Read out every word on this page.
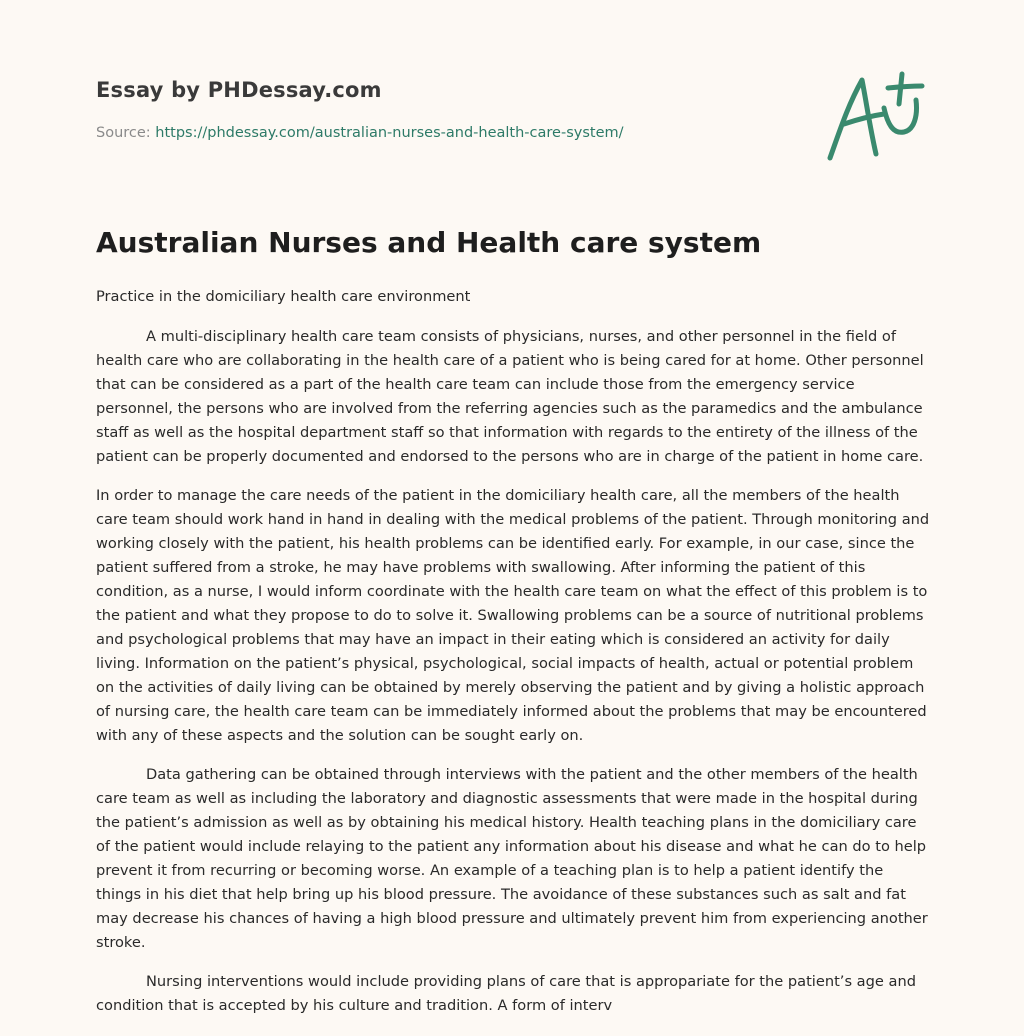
Essay by PHDessay.com
Source: https://phdessay.com/australian-nurses-and-health-care-system/
Australian Nurses and Health care system

Practice in the domiciliary health care environment

A multi-disciplinary health care team consists of physicians, nurses, and other personnel in the field of health care who are collaborating in the health care of a patient who is being cared for at home. Other personnel that can be considered as a part of the health care team can include those from the emergency service personnel, the persons who are involved from the referring agencies such as the paramedics and the ambulance staff as well as the hospital department staff so that information with regards to the entirety of the illness of the patient can be properly documented and endorsed to the persons who are in charge of the patient in home care.

In order to manage the care needs of the patient in the domiciliary health care, all the members of the health care team should work hand in hand in dealing with the medical problems of the patient. Through monitoring and working closely with the patient, his health problems can be identified early. For example, in our case, since the patient suffered from a stroke, he may have problems with swallowing. After informing the patient of this condition, as a nurse, I would inform coordinate with the health care team on what the effect of this problem is to the patient and what they propose to do to solve it. Swallowing problems can be a source of nutritional problems and psychological problems that may have an impact in their eating which is considered an activity for daily living. Information on the patient’s physical, psychological, social impacts of health, actual or potential problem on the activities of daily living can be obtained by merely observing the patient and by giving a holistic approach of nursing care, the health care team can be immediately informed about the problems that may be encountered with any of these aspects and the solution can be sought early on.

Data gathering can be obtained through interviews with the patient and the other members of the health care team as well as including the laboratory and diagnostic assessments that were made in the hospital during the patient’s admission as well as by obtaining his medical history. Health teaching plans in the domiciliary care of the patient would include relaying to the patient any information about his disease and what he can do to help prevent it from recurring or becoming worse. An example of a teaching plan is to help a patient identify the things in his diet that help bring up his blood pressure. The avoidance of these substances such as salt and fat may decrease his chances of having a high blood pressure and ultimately prevent him from experiencing another stroke.

Nursing interventions would include providing plans of care that is appropariate for the patient’s age and condition that is accepted by his culture and tradition. A form of interv
